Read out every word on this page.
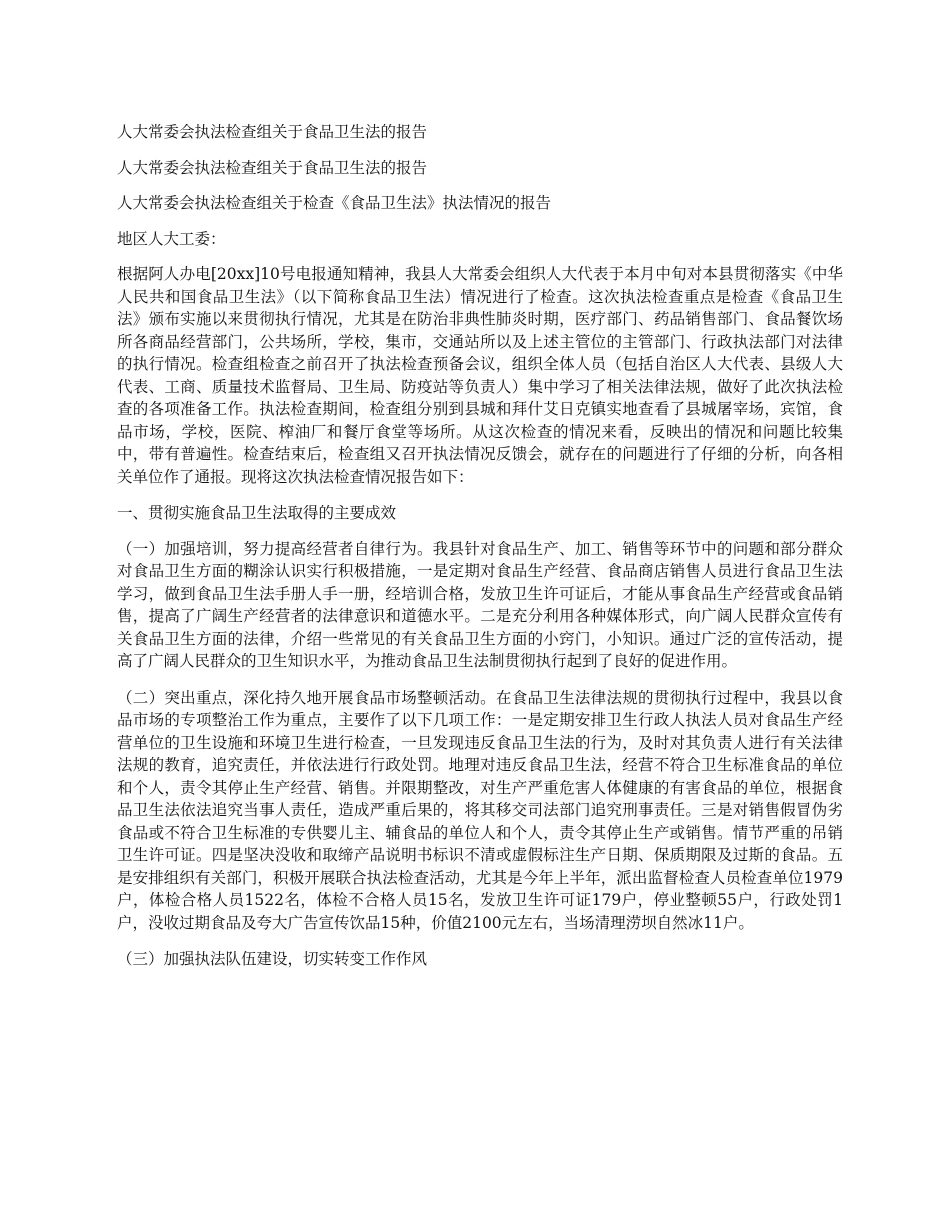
人大常委会执法检查组关于食品卫生法的报告

人大常委会执法检查组关于食品卫生法的报告

人大常委会执法检查组关于检查《食品卫生法》执法情况的报告

地区人大工委：

根据阿人办电[20xx]10号电报通知精神，我县人大常委会组织人大代表于本月中旬对本县贯彻落实《中华人民共和国食品卫生法》（以下简称食品卫生法）情况进行了检查。这次执法检查重点是检查《食品卫生法》颁布实施以来贯彻执行情况，尤其是在防治非典性肺炎时期，医疗部门、药品销售部门、食品餐饮场所各商品经营部门，公共场所，学校，集市，交通站所以及上述主管位的主管部门、行政执法部门对法律的执行情况。检查组检查之前召开了执法检查预备会议，组织全体人员（包括自治区人大代表、县级人大代表、工商、质量技术监督局、卫生局、防疫站等负责人）集中学习了相关法律法规，做好了此次执法检查的各项准备工作。执法检查期间，检查组分别到县城和拜什艾日克镇实地查看了县城屠宰场，宾馆，食品市场，学校，医院、榨油厂和餐厅食堂等场所。从这次检查的情况来看，反映出的情况和问题比较集中，带有普遍性。检查结束后，检查组又召开执法情况反馈会，就存在的问题进行了仔细的分析，向各相关单位作了通报。现将这次执法检查情况报告如下：

一、贯彻实施食品卫生法取得的主要成效

（一）加强培训，努力提高经营者自律行为。我县针对食品生产、加工、销售等环节中的问题和部分群众对食品卫生方面的糊涂认识实行积极措施，一是定期对食品生产经营、食品商店销售人员进行食品卫生法学习，做到食品卫生法手册人手一册，经培训合格，发放卫生许可证后，才能从事食品生产经营或食品销售，提高了广阔生产经营者的法律意识和道德水平。二是充分利用各种媒体形式，向广阔人民群众宣传有关食品卫生方面的法律，介绍一些常见的有关食品卫生方面的小窍门，小知识。通过广泛的宣传活动，提高了广阔人民群众的卫生知识水平，为推动食品卫生法制贯彻执行起到了良好的促进作用。

（二）突出重点，深化持久地开展食品市场整顿活动。在食品卫生法律法规的贯彻执行过程中，我县以食品市场的专项整治工作为重点，主要作了以下几项工作：一是定期安排卫生行政人执法人员对食品生产经营单位的卫生设施和环境卫生进行检查，一旦发现违反食品卫生法的行为，及时对其负责人进行有关法律法规的教育，追究责任，并依法进行行政处罚。地理对违反食品卫生法，经营不符合卫生标准食品的单位和个人，责令其停止生产经营、销售。并限期整改，对生产严重危害人体健康的有害食品的单位，根据食品卫生法依法追究当事人责任，造成严重后果的，将其移交司法部门追究刑事责任。三是对销售假冒伪劣食品或不符合卫生标准的专供婴儿主、辅食品的单位人和个人，责令其停止生产或销售。情节严重的吊销卫生许可证。四是坚决没收和取缔产品说明书标识不清或虚假标注生产日期、保质期限及过斯的食品。五是安排组织有关部门，积极开展联合执法检查活动，尤其是今年上半年，派出监督检查人员检查单位1979户，体检合格人员1522名，体检不合格人员15名，发放卫生许可证179户，停业整顿55户，行政处罚1户，没收过期食品及夸大广告宣传饮品15种，价值2100元左右，当场清理涝坝自然冰11户。

（三）加强执法队伍建设，切实转变工作作风
